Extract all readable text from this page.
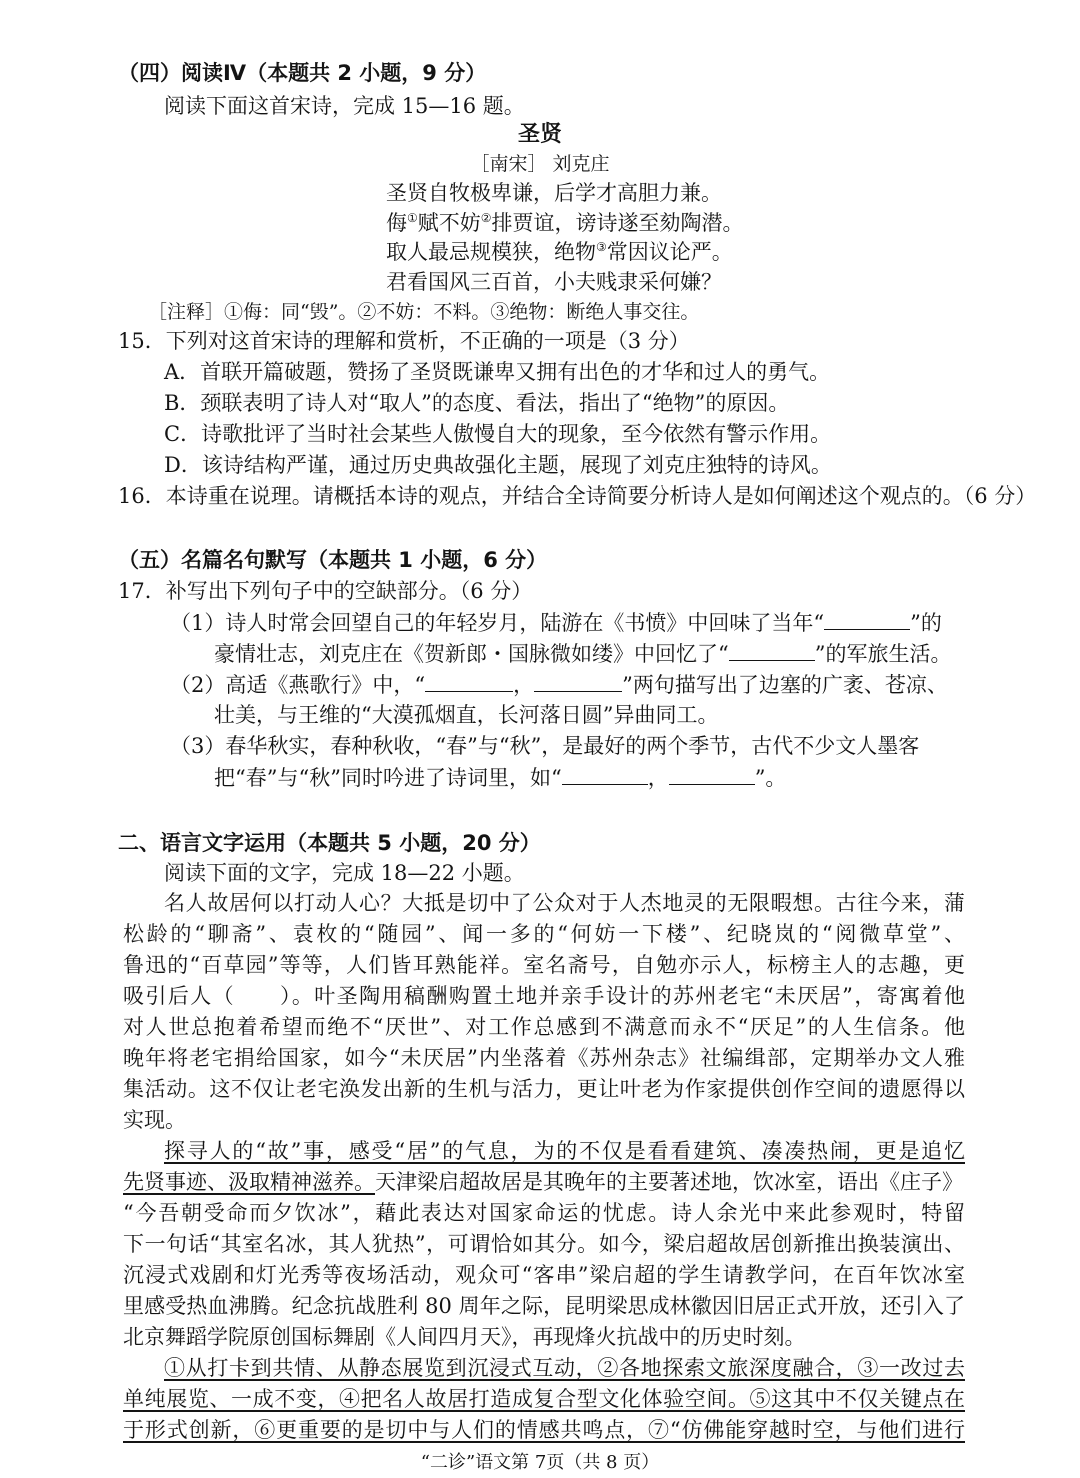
（四）阅读Ⅳ（本题共 2 小题，9 分）
阅读下面这首宋诗，完成 15—16 题。
圣贤
［南宋］ 刘克庄
圣贤自牧极卑谦，后学才高胆力兼。
侮①赋不妨②排贾谊，谤诗遂至劾陶潜。
取人最忌规模狭，绝物③常因议论严。
君看国风三百首，小夫贱隶采何嫌？
［注释］①侮：同“毁”。②不妨：不料。③绝物：断绝人事交往。
15．下列对这首宋诗的理解和赏析，不正确的一项是（3 分）
A．首联开篇破题，赞扬了圣贤既谦卑又拥有出色的才华和过人的勇气。
B．颈联表明了诗人对“取人”的态度、看法，指出了“绝物”的原因。
C．诗歌批评了当时社会某些人傲慢自大的现象，至今依然有警示作用。
D．该诗结构严谨，通过历史典故强化主题，展现了刘克庄独特的诗风。
16．本诗重在说理。请概括本诗的观点，并结合全诗简要分析诗人是如何阐述这个观点的。（6 分）
（五）名篇名句默写（本题共 1 小题，6 分）
17．补写出下列句子中的空缺部分。（6 分）
（1）诗人时常会回望自己的年轻岁月，陆游在《书愤》中回味了当年“	”的
豪情壮志，刘克庄在《贺新郎・国脉微如缕》中回忆了“	”的军旅生活。
（2）高适《燕歌行》中，“	，	”两句描写出了边塞的广袤、苍凉、
壮美，与王维的“大漠孤烟直，长河落日圆”异曲同工。
（3）春华秋实，春种秋收，“春”与“秋”，是最好的两个季节，古代不少文人墨客
把“春”与“秋”同时吟进了诗词里，如“	，	”。
二、语言文字运用（本题共 5 小题，20 分）
阅读下面的文字，完成 18—22 小题。
名人故居何以打动人心？大抵是切中了公众对于人杰地灵的无限暇想。古往今来，蒲
松龄的“聊斋”、袁枚的“随园”、闻一多的“何妨一下楼”、纪晓岚的“阅微草堂”、
鲁迅的“百草园”等等，人们皆耳熟能祥。室名斋号，自勉亦示人，标榜主人的志趣，更
吸引后人（　　）。叶圣陶用稿酬购置土地并亲手设计的苏州老宅“未厌居”，寄寓着他
对人世总抱着希望而绝不“厌世”、对工作总感到不满意而永不“厌足”的人生信条。他
晚年将老宅捐给国家，如今“未厌居”内坐落着《苏州杂志》社编缉部，定期举办文人雅
集活动。这不仅让老宅涣发出新的生机与活力，更让叶老为作家提供创作空间的遗愿得以
实现。
探寻人的“故”事，感受“居”的气息，为的不仅是看看建筑、凑凑热闹，更是追忆
先贤事迹、汲取精神滋养。天津梁启超故居是其晚年的主要著述地，饮冰室，语出《庄子》
“今吾朝受命而夕饮冰”，藉此表达对国家命运的忧虑。诗人余光中来此参观时，特留
下一句话“其室名冰，其人犹热”，可谓恰如其分。如今，梁启超故居创新推出换装演出、
沉浸式戏剧和灯光秀等夜场活动，观众可“客串”梁启超的学生请教学问，在百年饮冰室
里感受热血沸腾。纪念抗战胜利 80 周年之际，昆明梁思成林徽因旧居正式开放，还引入了
北京舞蹈学院原创国标舞剧《人间四月天》，再现烽火抗战中的历史时刻。
①从打卡到共情、从静态展览到沉浸式互动，②各地探索文旅深度融合，③一改过去
单纯展览、一成不变，④把名人故居打造成复合型文化体验空间。⑤这其中不仅关键点在
于形式创新，⑥更重要的是切中与人们的情感共鸣点，⑦“仿佛能穿越时空，与他们进行
“二诊”语文第 7页（共 8 页）
